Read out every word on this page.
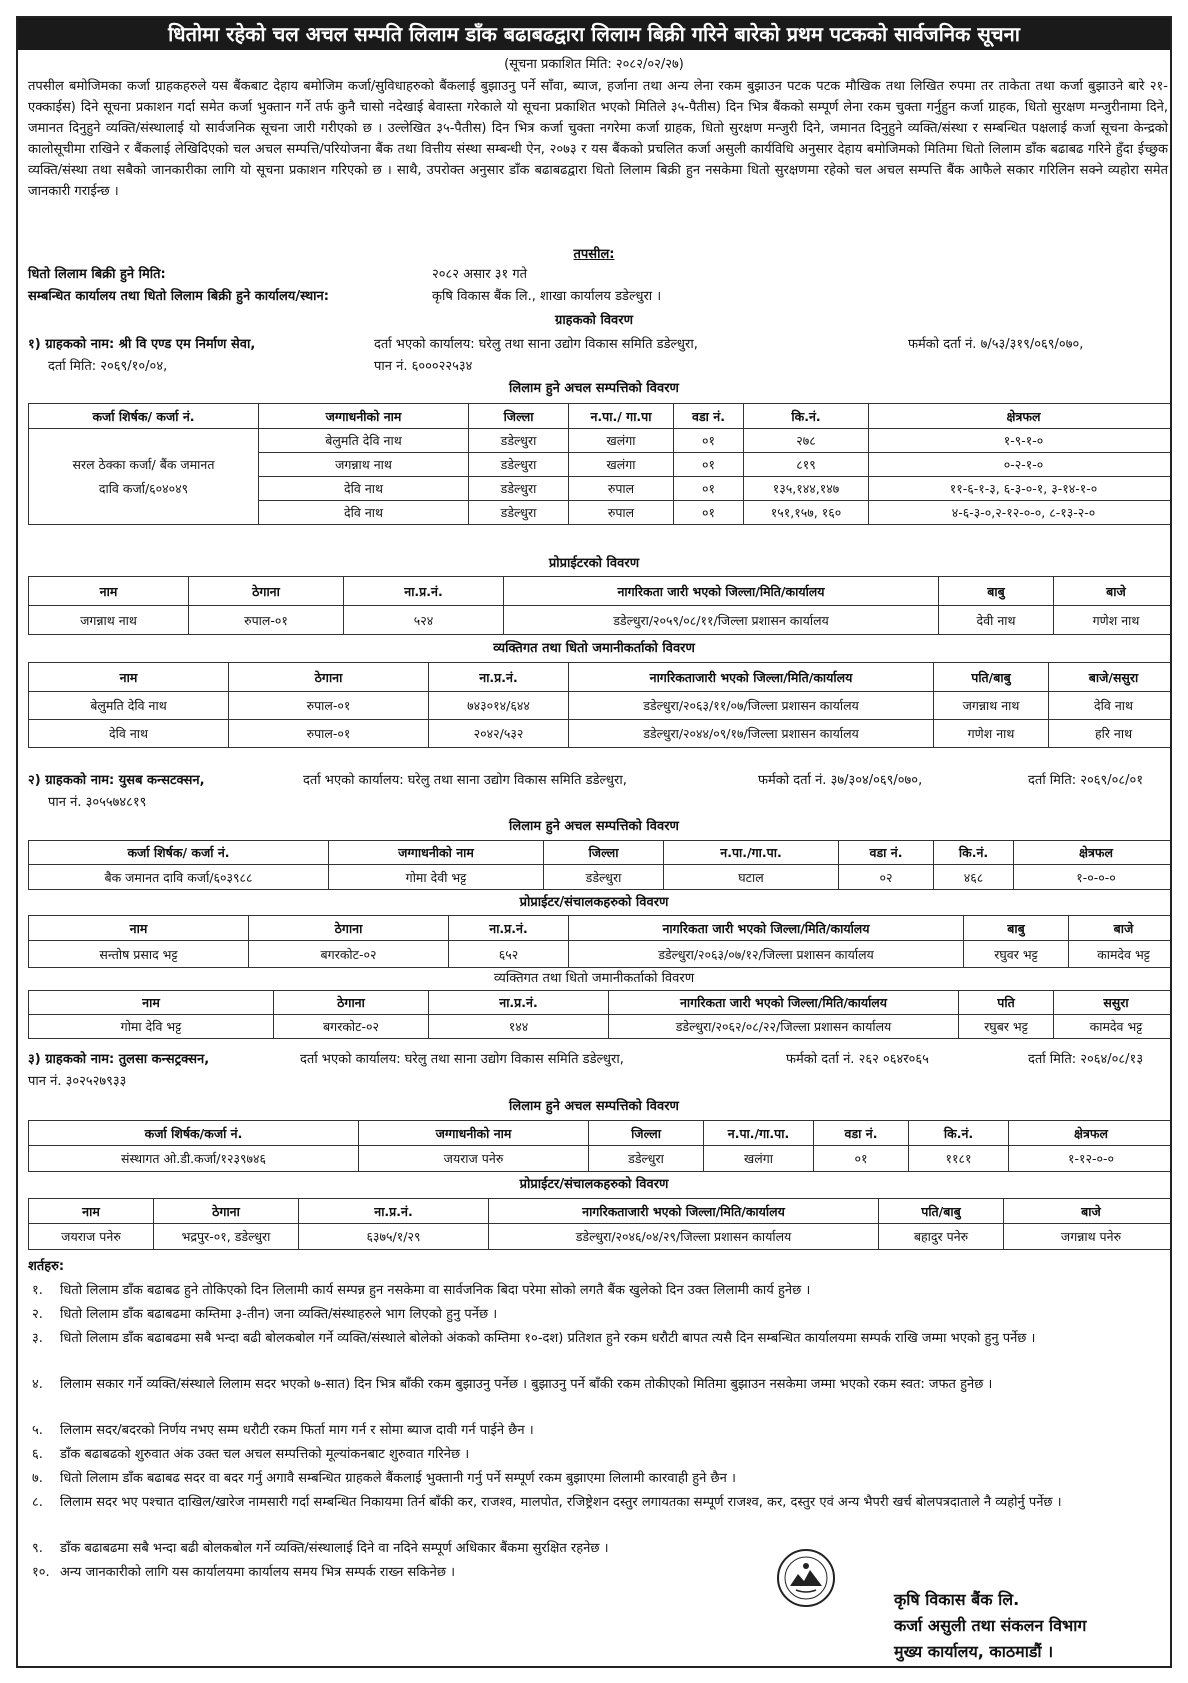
धितोमा रहेको चल अचल सम्पति लिलाम डाँक बढाबढद्वारा लिलाम बिक्री गरिने बारेको प्रथम पटकको सार्वजनिक सूचना
(सूचना प्रकाशित मिति: २०८२/०२/२७)
तपसील बमोजिमका कर्जा ग्राहकहरुले यस बैंकबाट देहाय बमोजिम कर्जा/सुविधाहरुको बैंकलाई बुझाउनु पर्ने साँवा, ब्याज, हर्जाना तथा अन्य लेना रकम बुझाउन पटक पटक मौखिक तथा लिखित रुपमा तर ताकेता तथा कर्जा बुझाउने बारे २१-एक्काईस) दिने सूचना प्रकाशन गर्दा समेत कर्जा भुक्तान गर्ने तर्फ कुनै चासो नदेखाई बेवास्ता गरेकाले यो सूचना प्रकाशित भएको मितिले ३५-पैतीस) दिन भित्र बैंकको सम्पूर्ण लेना रकम चुक्ता गर्नुहुन कर्जा ग्राहक, धितो सुरक्षण मन्जुरीनामा दिने, जमानत दिनुहुने व्यक्ति/संस्थालाई यो सार्वजनिक सूचना जारी गरीएको छ । उल्लेखित ३५-पैतीस) दिन भित्र कर्जा चुक्ता नगरेमा कर्जा ग्राहक, धितो सुरक्षण मन्जुरी दिने, जमानत दिनुहुने व्यक्ति/संस्था र सम्बन्धित पक्षलाई कर्जा सूचना केन्द्रको कालोसूचीमा राखिने र बैंकलाई लेखिदिएको चल अचल सम्पत्ति/परियोजना बैंक तथा वित्तीय संस्था सम्बन्धी ऐन, २०७३ र यस बैंकको प्रचलित कर्जा असुली कार्यविधि अनुसार देहाय बमोजिमको मितिमा धितो लिलाम डाँक बढाबढ गरिने हुँदा ईच्छुक व्यक्ति/संस्था तथा सबैको जानकारीका लागि यो सूचना प्रकाशन गरिएको छ । साथै, उपरोक्त अनुसार डाँक बढाबढद्वारा धितो लिलाम बिक्री हुन नसकेमा धितो सुरक्षणमा रहेको चल अचल सम्पत्ति बैंक आफैले सकार गरिलिन सक्ने व्यहोरा समेत जानकारी गराईन्छ ।
तपसील:
धितो लिलाम बिक्री हुने मिति:	२०८२ असार ३१ गते
सम्बन्धित कार्यालय तथा धितो लिलाम बिक्री हुने कार्यालय/स्थान:	कृषि विकास बैंक लि., शाखा कार्यालय डडेल्धुरा ।
ग्राहकको विवरण
१) ग्राहकको नाम: श्री वि एण्ड एम निर्माण सेवा,	दर्ता भएको कार्यालय: घरेलु तथा साना उद्योग विकास समिति डडेल्धुरा,	फर्मको दर्ता नं. ७/५३/३१९/०६९/०७०,
दर्ता मिति: २०६९/१०/०४,	पान नं. ६०००२२५३४
लिलाम हुने अचल सम्पत्तिको विवरण
कर्जा शिर्षक/ कर्जा नं.	जग्गाधनीको नाम	जिल्ला	न.पा./ गा.पा	वडा नं.	कि.नं.	क्षेत्रफल

सरल ठेक्का कर्जा/ बैंक जमानत
दावि कर्जा/६०४०४९	बेलुमति देवि नाथ	डडेल्धुरा	खलंगा	०१	२७८	१-९-१-०
	जगन्नाथ नाथ	डडेल्धुरा	खलंगा	०१	८१९	०-२-१-०
	देवि नाथ	डडेल्धुरा	रुपाल	०१	१३५,१४४,१४७	११-६-१-३, ६-३-०-१, ३-१४-१-०
	देवि नाथ	डडेल्धुरा	रुपाल	०१	१५१,१५७, १६०	४-६-३-०,२-१२-०-०, ८-१३-२-०
प्रोप्राईटरको विवरण
नाम	ठेगाना	ना.प्र.नं.	नागरिकता जारी भएको जिल्ला/मिति/कार्यालय	बाबु	बाजे
जगन्नाथ नाथ	रुपाल-०१	५२४	डडेल्धुरा/२०५९/०८/११/जिल्ला प्रशासन कार्यालय	देवी नाथ	गणेश नाथ
व्यक्तिगत तथा धितो जमानीकर्ताको विवरण
नाम	ठेगाना	ना.प्र.नं.	नागरिकताजारी भएको जिल्ला/मिति/कार्यालय	पति/बाबु	बाजे/ससुरा
बेलुमति देवि नाथ	रुपाल-०१	७४३०१४/६४४	डडेल्धुरा/२०६३/११/०७/जिल्ला प्रशासन कार्यालय	जगन्नाथ नाथ	देवि नाथ
देवि नाथ	रुपाल-०१	२०४२/५३२	डडेल्धुरा/२०४४/०९/१७/जिल्ला प्रशासन कार्यालय	गणेश नाथ	हरि नाथ
२) ग्राहकको नाम: युसब कन्सटक्सन,	दर्ता भएको कार्यालय: घरेलु तथा साना उद्योग विकास समिति डडेल्धुरा,	फर्मको दर्ता नं. ३७/३०४/०६९/०७०,	दर्ता मिति: २०६९/०८/०१
पान नं. ३०५५७४८१९
लिलाम हुने अचल सम्पत्तिको विवरण
कर्जा शिर्षक/ कर्जा नं.	जग्गाधनीको नाम	जिल्ला	न.पा./गा.पा.	वडा नं.	कि.नं.	क्षेत्रफल
बैक जमानत दावि कर्जा/६०३९८८	गोमा देवी भट्ट	डडेल्धुरा	घटाल	०२	४६८	१-०-०-०
प्रोप्राईटर/संचालकहरुको विवरण
नाम	ठेगाना	ना.प्र.नं.	नागरिकता जारी भएको जिल्ला/मिति/कार्यालय	बाबु	बाजे
सन्तोष प्रसाद भट्ट	बगरकोट-०२	६५२	डडेल्धुरा/२०६३/०७/१२/जिल्ला प्रशासन कार्यालय	रघुवर भट्ट	कामदेव भट्ट
व्यक्तिगत तथा धितो जमानीकर्ताको विवरण
नाम	ठेगाना	ना.प्र.नं.	नागरिकता जारी भएको जिल्ला/मिति/कार्यालय	पति	ससुरा
गोमा देवि भट्ट	बगरकोट-०२	१४४	डडेल्धुरा/२०६२/०८/२२/जिल्ला प्रशासन कार्यालय	रघुबर भट्ट	कामदेव भट्ट
३) ग्राहकको नाम: तुलसा कन्सट्रक्सन,	दर्ता भएको कार्यालय: घरेलु तथा साना उद्योग विकास समिति डडेल्धुरा,	फर्मको दर्ता नं. २६२ ०६४र०६५	दर्ता मिति: २०६४/०८/१३
पान नं. ३०२५२७९३३
लिलाम हुने अचल सम्पत्तिको विवरण
कर्जा शिर्षक/कर्जा नं.	जग्गाधनीको नाम	जिल्ला	न.पा./गा.पा.	वडा नं.	कि.नं.	क्षेत्रफल
संस्थागत ओ.डी.कर्जा/१२३९७४६	जयराज पनेरु	डडेल्धुरा	खलंगा	०१	११८१	१-१२-०-०
प्रोप्राईटर/संचालकहरुको विवरण
नाम	ठेगाना	ना.प्र.नं.	नागरिकताजारी भएको जिल्ला/मिति/कार्यालय	पति/बाबु	बाजे
जयराज पनेरु	भद्रपुर-०१, डडेल्धुरा	६३७५/१/२९	डडेल्धुरा/२०४६/०४/२९/जिल्ला प्रशासन कार्यालय	बहादुर पनेरु	जगन्नाथ पनेरु
शर्तहरु:
१. धितो लिलाम डाँक बढाबढ हुने तोकिएको दिन लिलामी कार्य सम्पन्न हुन नसकेमा वा सार्वजनिक बिदा परेमा सोको लगतै बैंक खुलेको दिन उक्त लिलामी कार्य हुनेछ ।
२. धितो लिलाम डाँक बढाबढमा कम्तिमा ३-तीन) जना व्यक्ति/संस्थाहरुले भाग लिएको हुनु पर्नेछ ।
३. धितो लिलाम डाँक बढाबढमा सबै भन्दा बढी बोलकबोल गर्ने व्यक्ति/संस्थाले बोलेको अंकको कम्तिमा १०-दश) प्रतिशत हुने रकम धरौटी बापत त्यसै दिन सम्बन्धित कार्यालयमा सम्पर्क राखि जम्मा भएको हुनु पर्नेछ ।
४. लिलाम सकार गर्ने व्यक्ति/संस्थाले लिलाम सदर भएको ७-सात) दिन भित्र बाँकी रकम बुझाउनु पर्नेछ । बुझाउनु पर्ने बाँकी रकम तोकीएको मितिमा बुझाउन नसकेमा जम्मा भएको रकम स्वत: जफत हुनेछ ।
५. लिलाम सदर/बदरको निर्णय नभए सम्म धरौटी रकम फिर्ता माग गर्न र सोमा ब्याज दावी गर्न पाईने छैन ।
६. डाँक बढाबढको शुरुवात अंक उक्त चल अचल सम्पत्तिको मूल्यांकनबाट शुरुवात गरिनेछ ।
७. धितो लिलाम डाँक बढाबढ सदर वा बदर गर्नु अगावै सम्बन्धित ग्राहकले बैंकलाई भुक्तानी गर्नु पर्ने सम्पूर्ण रकम बुझाएमा लिलामी कारवाही हुने छैन ।
८. लिलाम सदर भए पश्चात दाखिल/खारेज नामसारी गर्दा सम्बन्धित निकायमा तिर्न बाँकी कर, राजश्व, मालपोत, रजिष्ट्रेशन दस्तुर लगायतका सम्पूर्ण राजश्व, कर, दस्तुर एवं अन्य भैपरी खर्च बोलपत्रदाताले नै व्यहोर्नु पर्नेछ ।
९. डाँक बढाबढमा सबै भन्दा बढी बोलकबोल गर्ने व्यक्ति/संस्थालाई दिने वा नदिने सम्पूर्ण अधिकार बैंकमा सुरक्षित रहनेछ ।
१०. अन्य जानकारीको लागि यस कार्यालयमा कार्यालय समय भित्र सम्पर्क राख्न सकिनेछ ।
कृषि विकास बैंक लि.
कर्जा असुली तथा संकलन विभाग
मुख्य कार्यालय, काठमाडौं ।
